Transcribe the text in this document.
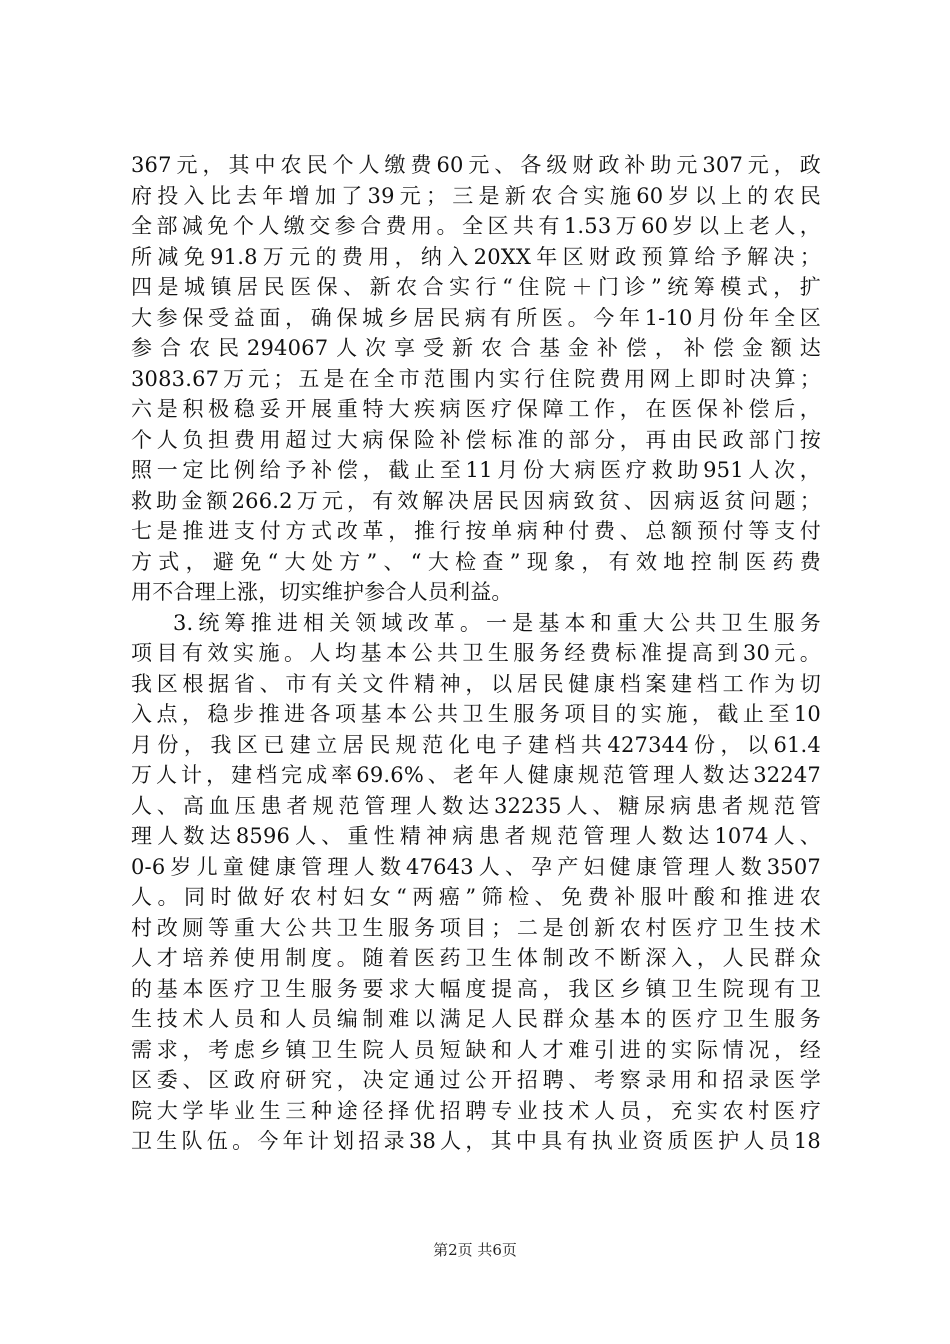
367元，其中农民个人缴费60元、各级财政补助元307元，政
府投入比去年增加了39元；三是新农合实施60岁以上的农民
全部减免个人缴交参合费用。全区共有1.53万60岁以上老人，
所减免91.8万元的费用，纳入20XX年区财政预算给予解决；
四是城镇居民医保、新农合实行“住院＋门诊”统筹模式，扩
大参保受益面，确保城乡居民病有所医。今年1-10月份年全区
参合农民294067人次享受新农合基金补偿，补偿金额达
3083.67万元；五是在全市范围内实行住院费用网上即时决算；
六是积极稳妥开展重特大疾病医疗保障工作，在医保补偿后，
个人负担费用超过大病保险补偿标准的部分，再由民政部门按
照一定比例给予补偿，截止至11月份大病医疗救助951人次，
救助金额266.2万元，有效解决居民因病致贫、因病返贫问题；
七是推进支付方式改革，推行按单病种付费、总额预付等支付
方式，避免“大处方”、“大检查”现象，有效地控制医药费
用不合理上涨，切实维护参合人员利益。
3.统筹推进相关领域改革。一是基本和重大公共卫生服务
项目有效实施。人均基本公共卫生服务经费标准提高到30元。
我区根据省、市有关文件精神，以居民健康档案建档工作为切
入点，稳步推进各项基本公共卫生服务项目的实施，截止至10
月份，我区已建立居民规范化电子建档共427344份，以61.4
万人计，建档完成率69.6%、老年人健康规范管理人数达32247
人、高血压患者规范管理人数达32235人、糖尿病患者规范管
理人数达8596人、重性精神病患者规范管理人数达1074人、
0-6岁儿童健康管理人数47643人、孕产妇健康管理人数3507
人。同时做好农村妇女“两癌”筛检、免费补服叶酸和推进农
村改厕等重大公共卫生服务项目；二是创新农村医疗卫生技术
人才培养使用制度。随着医药卫生体制改不断深入，人民群众
的基本医疗卫生服务要求大幅度提高，我区乡镇卫生院现有卫
生技术人员和人员编制难以满足人民群众基本的医疗卫生服务
需求，考虑乡镇卫生院人员短缺和人才难引进的实际情况，经
区委、区政府研究，决定通过公开招聘、考察录用和招录医学
院大学毕业生三种途径择优招聘专业技术人员，充实农村医疗
卫生队伍。今年计划招录38人，其中具有执业资质医护人员18
第2页 共6页
